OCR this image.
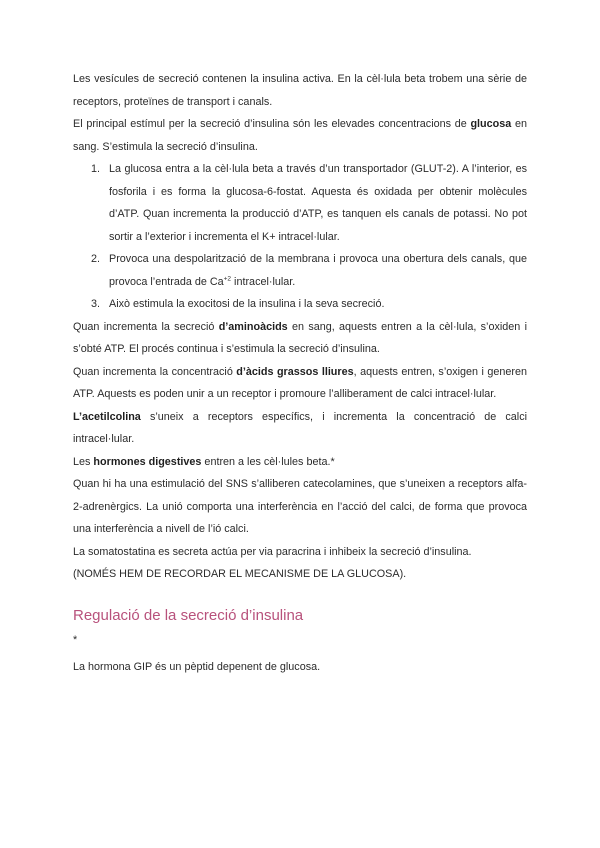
Les vesícules de secreció contenen la insulina activa. En la cèl·lula beta trobem una sèrie de receptors, proteïnes de transport i canals.

El principal estímul per la secreció d’insulina són les elevades concentracions de glucosa en sang. S’estimula la secreció d’insulina.

1. La glucosa entra a la cèl·lula beta a través d’un transportador (GLUT-2). A l’interior, es fosforila i es forma la glucosa-6-fostat. Aquesta és oxidada per obtenir molècules d’ATP. Quan incrementa la producció d’ATP, es tanquen els canals de potassi. No pot sortir a l’exterior i incrementa el K+ intracel·lular.
2. Provoca una despolarització de la membrana i provoca una obertura dels canals, que provoca l’entrada de $Ca^{+2}$ intracel·lular.
3. Això estimula la exocitosi de la insulina i la seva secreció.

Quan incrementa la secreció d’aminoàcids en sang, aquests entren a la cèl·lula, s’oxiden i s’obté ATP. El procés continua i s’estimula la secreció d’insulina.

Quan incrementa la concentració d’àcids grassos lliures, aquests entren, s’oxigen i generen ATP. Aquests es poden unir a un receptor i promoure l’alliberament de calci intracel·lular.

L’acetilcolina s’uneix a receptors específics, i incrementa la concentració de calci intracel·lular.

Les hormones digestives entren a les cèl·lules beta.*

Quan hi ha una estimulació del SNS s’alliberen catecolamines, que s’uneixen a receptors alfa-2-adrenèrgics. La unió comporta una interferència en l’acció del calci, de forma que provoca una interferència a nivell de l’ió calci.

La somatostatina es secreta actúa per via paracrina i inhibeix la secreció d’insulina.

(NOMÉS HEM DE RECORDAR EL MECANISME DE LA GLUCOSA).

Regulació de la secreció d’insulina

*

La hormona GIP és un pèptid depenent de glucosa.
